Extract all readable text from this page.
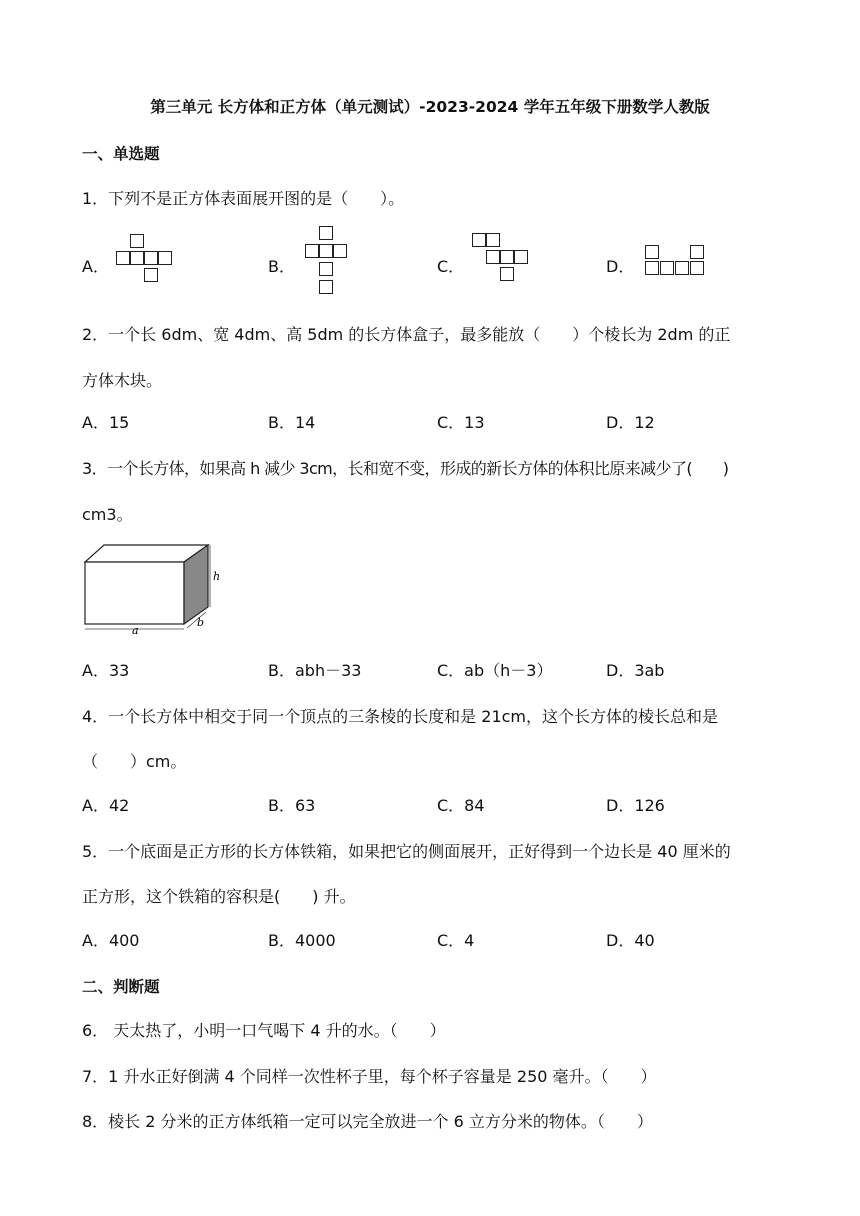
第三单元 长方体和正方体（单元测试）-2023-2024 学年五年级下册数学人教版
一、单选题
1．下列不是正方体表面展开图的是（　　）。
A．	B．	C．	D．
2．一个长 6dm、宽 4dm、高 5dm 的长方体盒子，最多能放（　　）个棱长为 2dm 的正
方体木块。
A．15	B．14	C．13	D．12
3．一个长方体，如果高 h 减少 3cm，长和宽不变，形成的新长方体的体积比原来减少了(　　)
cm3。
a
b
h
A．33	B．abh－33	C．ab（h－3）	D．3ab
4．一个长方体中相交于同一个顶点的三条棱的长度和是 21cm，这个长方体的棱长总和是
（　　）cm。
A．42	B．63	C．84	D．126
5．一个底面是正方形的长方体铁箱，如果把它的侧面展开，正好得到一个边长是 40 厘米的
正方形，这个铁箱的容积是(　　) 升。
A．400	B．4000	C．4	D．40
二、判断题
6． 天太热了，小明一口气喝下 4 升的水。（　　）
7．1 升水正好倒满 4 个同样一次性杯子里，每个杯子容量是 250 毫升。（　　）
8．棱长 2 分米的正方体纸箱一定可以完全放进一个 6 立方分米的物体。（　　）
